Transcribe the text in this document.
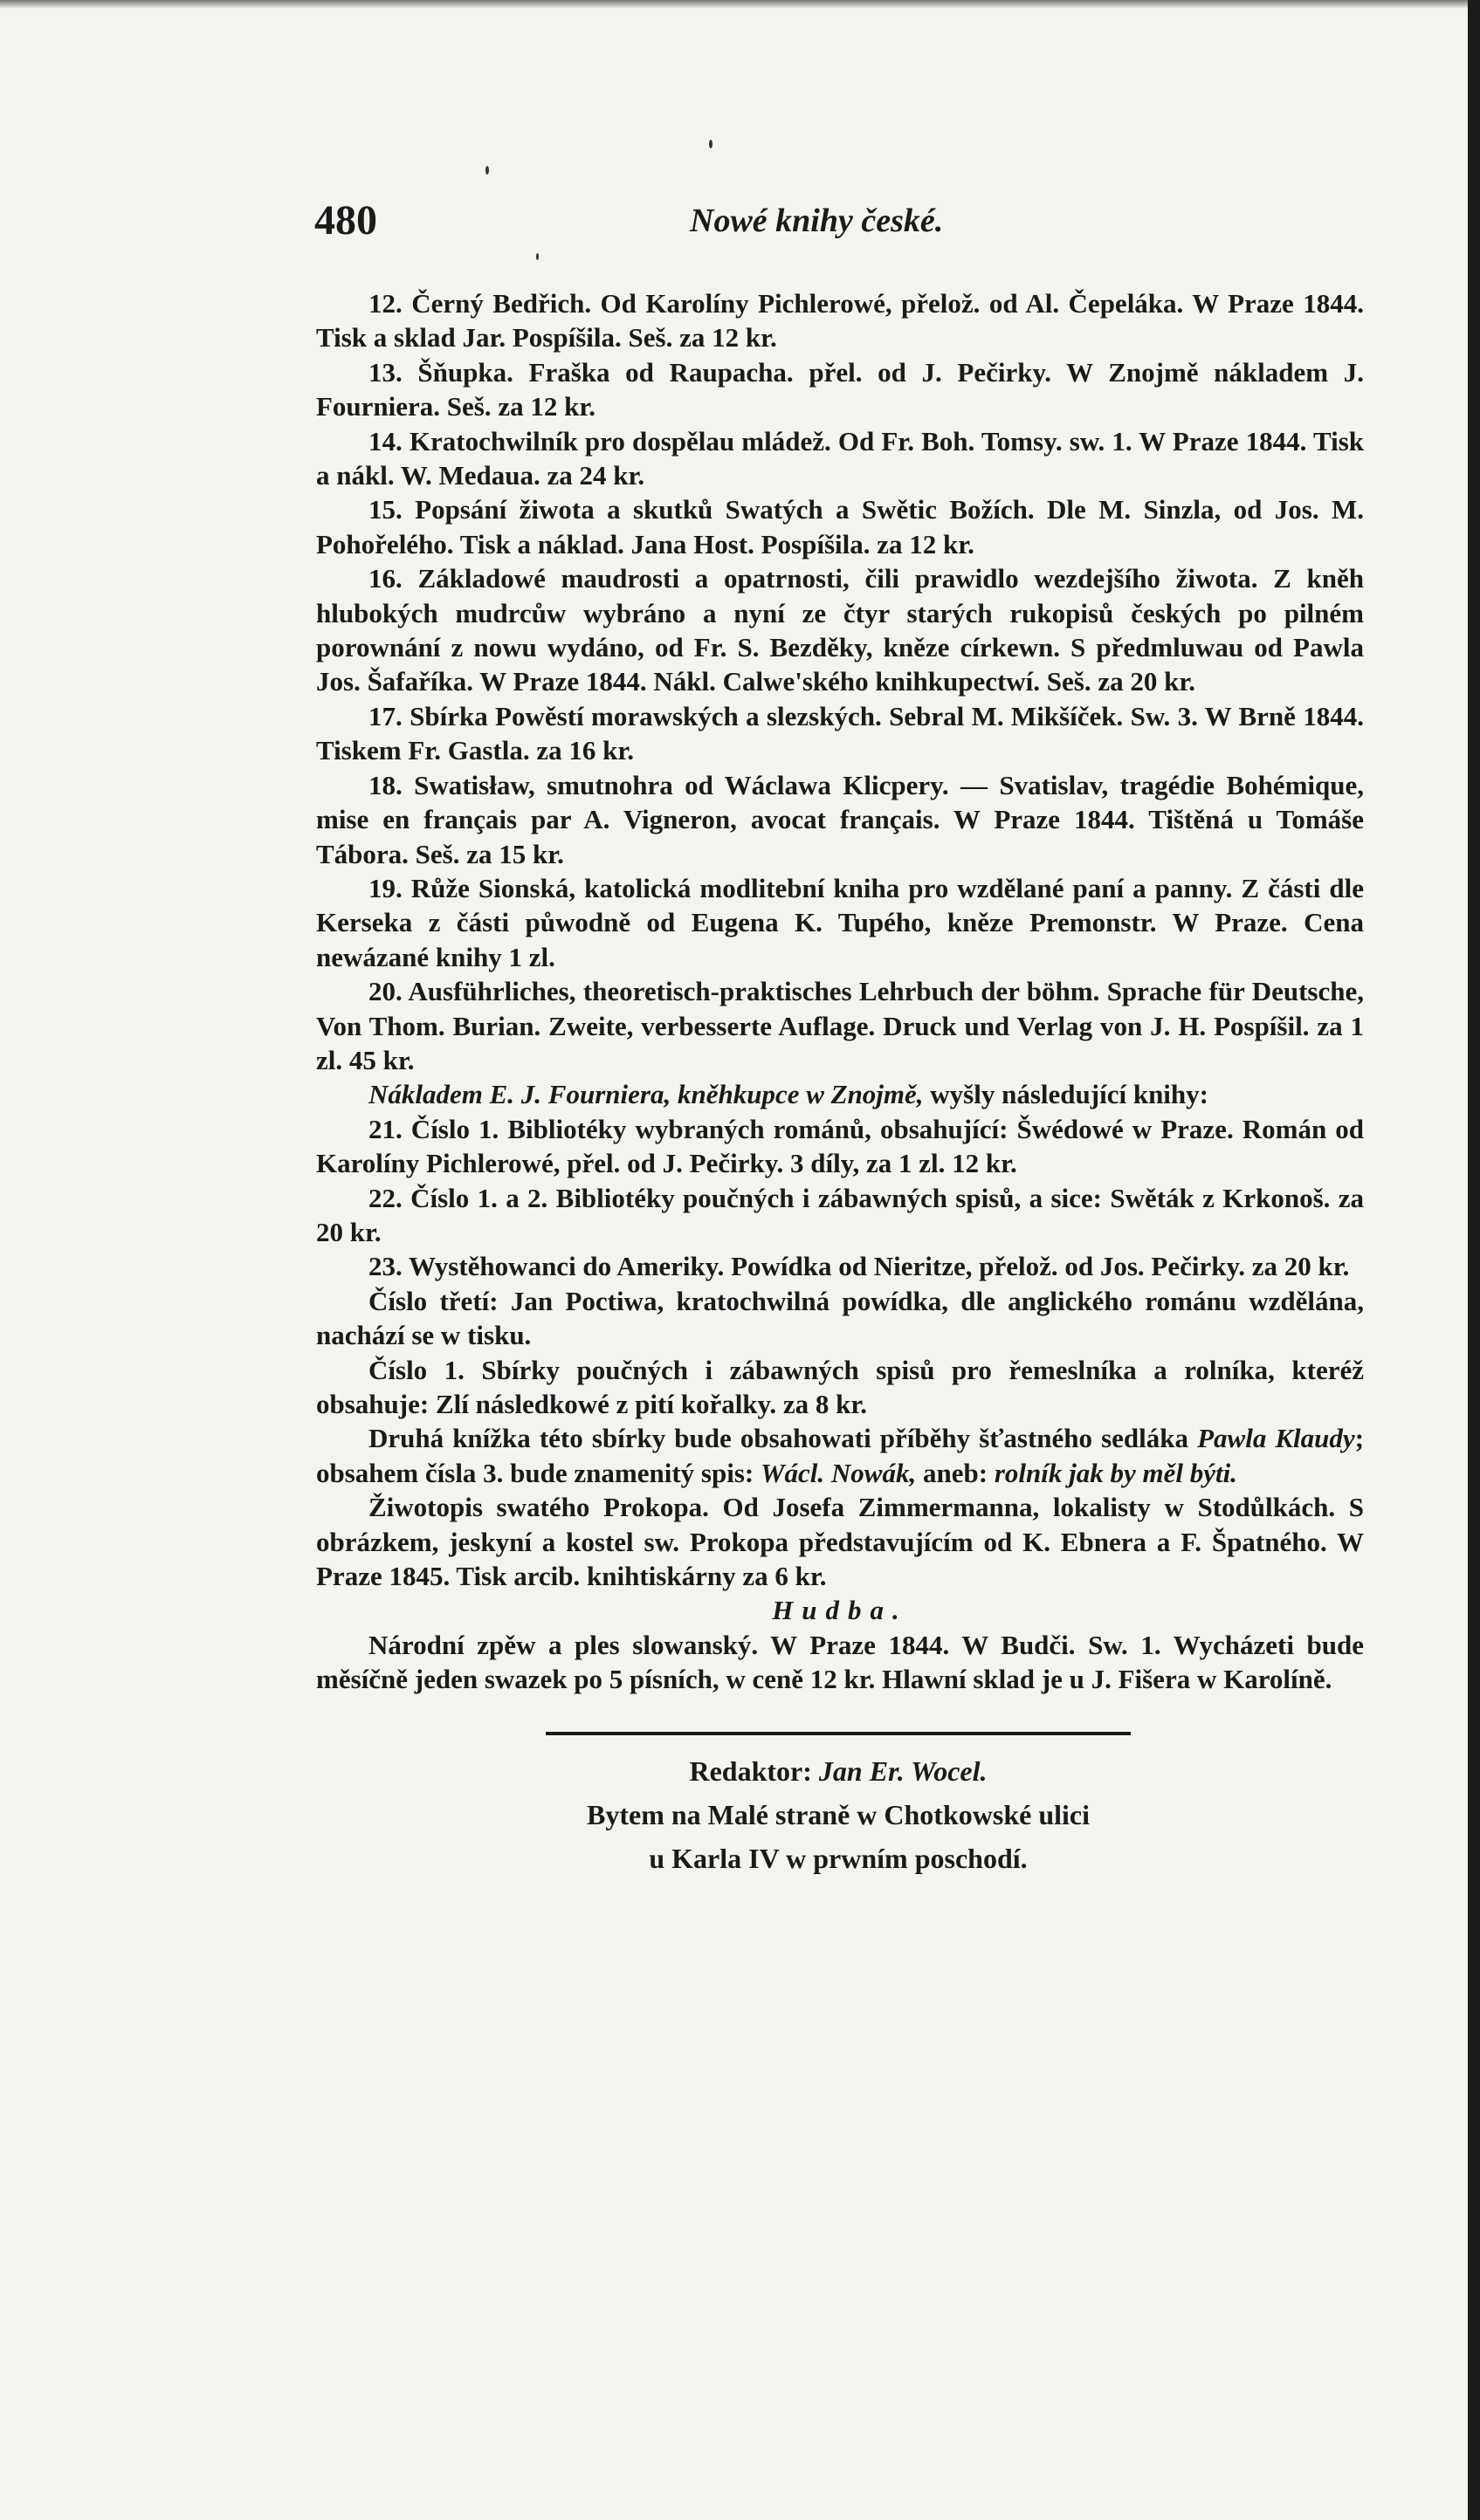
480	Nowé knihy české.

12. Černý Bedřich. Od Karolíny Pichlerowé, přelož. od Al. Čepeláka. W Praze 1844. Tisk a sklad Jar. Pospíšila. Seš. za 12 kr.

13. Šňupka. Fraška od Raupacha. přel. od J. Pečirky. W Znojmě nákladem J. Fourniera. Seš. za 12 kr.

14. Kratochwilník pro dospělau mládež. Od Fr. Boh. Tomsy. sw. 1. W Praze 1844. Tisk a nákl. W. Medaua. za 24 kr.

15. Popsání žiwota a skutků Swatých a Swětic Božích. Dle M. Sinzla, od Jos. M. Pohořelého. Tisk a náklad. Jana Host. Pospíšila. za 12 kr.

16. Základowé maudrosti a opatrnosti, čili prawidlo wezdejšího žiwota. Z kněh hlubokých mudrcůw wybráno a nyní ze čtyr starých rukopisů českých po pilném porownání z nowu wydáno, od Fr. S. Bezděky, kněze církewn. S předmluwau od Pawla Jos. Šafaříka. W Praze 1844. Nákl. Calwe'ského knihkupectwí. Seš. za 20 kr.

17. Sbírka Powěstí morawských a slezských. Sebral M. Mikšíček. Sw. 3. W Brně 1844. Tiskem Fr. Gastla. za 16 kr.

18. Swatisław, smutnohra od Wáclawa Klicpery. — Svatislav, tragédie Bohémique, mise en français par A. Vigneron, avocat français. W Praze 1844. Tištěná u Tomáše Tábora. Seš. za 15 kr.

19. Růže Sionská, katolická modlitební kniha pro wzdělané paní a panny. Z části dle Kerseka z části půwodně od Eugena K. Tupého, kněze Premonstr. W Praze. Cena newázané knihy 1 zl.

20. Ausführliches, theoretisch-praktisches Lehrbuch der böhm. Sprache für Deutsche, Von Thom. Burian. Zweite, verbesserte Auflage. Druck und Verlag von J. H. Pospíšil. za 1 zl. 45 kr.

Nákladem E. J. Fourniera, kněhkupce w Znojmě, wyšly následující knihy:

21. Číslo 1. Bibliotéky wybraných románů, obsahující: Šwédowé w Praze. Román od Karolíny Pichlerowé, přel. od J. Pečirky. 3 díly, za 1 zl. 12 kr.

22. Číslo 1. a 2. Bibliotéky poučných i zábawných spisů, a sice: Swěták z Krkonoš. za 20 kr.

23. Wystěhowanci do Ameriky. Powídka od Nieritze, přelož. od Jos. Pečirky. za 20 kr.

Číslo třetí: Jan Poctiwa, kratochwilná powídka, dle anglického románu wzdělána, nachází se w tisku.

Číslo 1. Sbírky poučných i zábawných spisů pro řemeslníka a rolníka, kteréž obsahuje: Zlí následkowé z pití kořalky. za 8 kr.

Druhá knížka této sbírky bude obsahowati příběhy šťastného sedláka Pawla Klaudy; obsahem čísla 3. bude znamenitý spis: Wácl. Nowák, aneb: rolník jak by měl býti.

Žiwotopis swatého Prokopa. Od Josefa Zimmermanna, lokalisty w Stodůlkách. S obrázkem, jeskyní a kostel sw. Prokopa představujícím od K. Ebnera a F. Špatného. W Praze 1845. Tisk arcib. knihtiskárny za 6 kr.

Hudba.

Národní zpěw a ples slowanský. W Praze 1844. W Budči. Sw. 1. Wycházeti bude měsíčně jeden swazek po 5 písních, w ceně 12 kr. Hlawní sklad je u J. Fišera w Karolíně.

Redaktor: Jan Er. Wocel.
Bytem na Malé straně w Chotkowské ulici
u Karla IV w prwním poschodí.
